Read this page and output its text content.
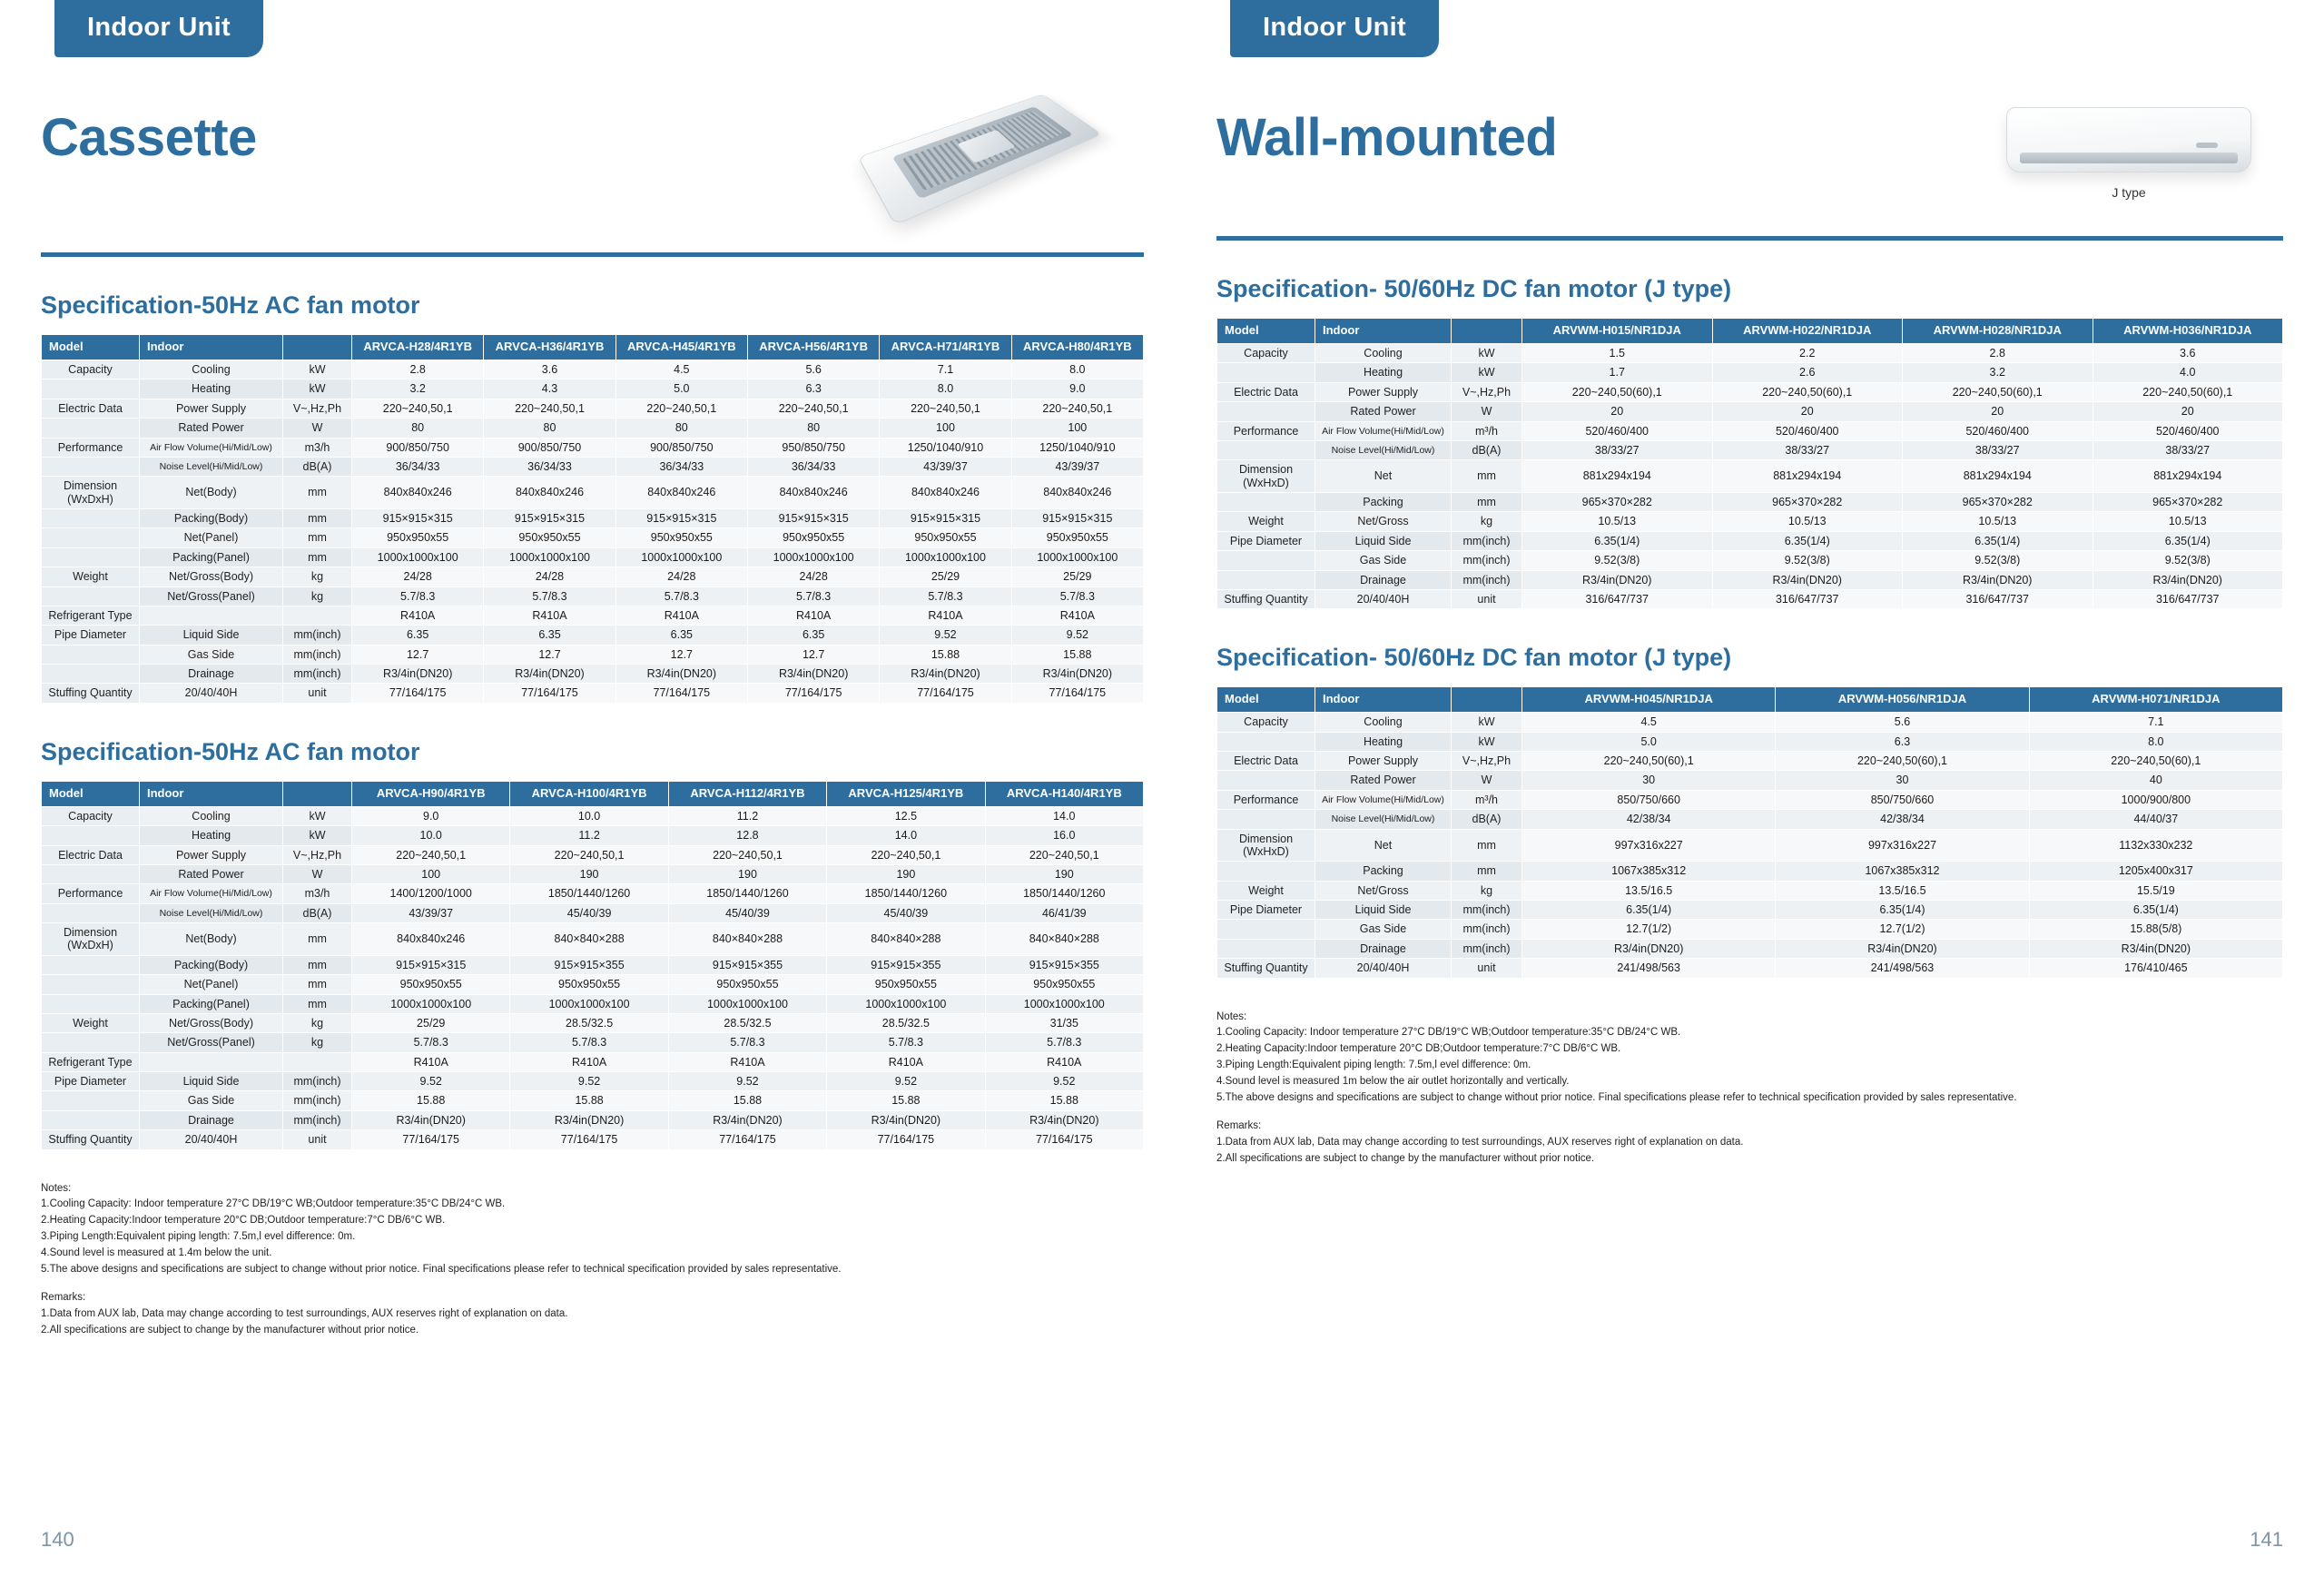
Indoor Unit
Cassette
Specification-50Hz AC fan motor
Model	Indoor		ARVCA-H28/4R1YB	ARVCA-H36/4R1YB	ARVCA-H45/4R1YB	ARVCA-H56/4R1YB	ARVCA-H71/4R1YB	ARVCA-H80/4R1YB
Capacity	Cooling	kW	2.8	3.6	4.5	5.6	7.1	8.0
	Heating	kW	3.2	4.3	5.0	6.3	8.0	9.0
Electric Data	Power Supply	V~,Hz,Ph	220~240,50,1	220~240,50,1	220~240,50,1	220~240,50,1	220~240,50,1	220~240,50,1
	Rated Power	W	80	80	80	80	100	100
Performance	Air Flow Volume(Hi/Mid/Low)	m3/h	900/850/750	900/850/750	900/850/750	950/850/750	1250/1040/910	1250/1040/910
	Noise Level(Hi/Mid/Low)	dB(A)	36/34/33	36/34/33	36/34/33	36/34/33	43/39/37	43/39/37
Dimension (WxDxH)	Net(Body)	mm	840x840x246	840x840x246	840x840x246	840x840x246	840x840x246	840x840x246
	Packing(Body)	mm	915×915×315	915×915×315	915×915×315	915×915×315	915×915×315	915×915×315
	Net(Panel)	mm	950x950x55	950x950x55	950x950x55	950x950x55	950x950x55	950x950x55
	Packing(Panel)	mm	1000x1000x100	1000x1000x100	1000x1000x100	1000x1000x100	1000x1000x100	1000x1000x100
Weight	Net/Gross(Body)	kg	24/28	24/28	24/28	24/28	25/29	25/29
	Net/Gross(Panel)	kg	5.7/8.3	5.7/8.3	5.7/8.3	5.7/8.3	5.7/8.3	5.7/8.3
Refrigerant Type			R410A	R410A	R410A	R410A	R410A	R410A
Pipe Diameter	Liquid Side	mm(inch)	6.35	6.35	6.35	6.35	9.52	9.52
	Gas Side	mm(inch)	12.7	12.7	12.7	12.7	15.88	15.88
	Drainage	mm(inch)	R3/4in(DN20)	R3/4in(DN20)	R3/4in(DN20)	R3/4in(DN20)	R3/4in(DN20)	R3/4in(DN20)
Stuffing Quantity	20/40/40H	unit	77/164/175	77/164/175	77/164/175	77/164/175	77/164/175	77/164/175
Specification-50Hz AC fan motor
Model	Indoor		ARVCA-H90/4R1YB	ARVCA-H100/4R1YB	ARVCA-H112/4R1YB	ARVCA-H125/4R1YB	ARVCA-H140/4R1YB
Capacity	Cooling	kW	9.0	10.0	11.2	12.5	14.0
	Heating	kW	10.0	11.2	12.8	14.0	16.0
Electric Data	Power Supply	V~,Hz,Ph	220~240,50,1	220~240,50,1	220~240,50,1	220~240,50,1	220~240,50,1
	Rated Power	W	100	190	190	190	190
Performance	Air Flow Volume(Hi/Mid/Low)	m3/h	1400/1200/1000	1850/1440/1260	1850/1440/1260	1850/1440/1260	1850/1440/1260
	Noise Level(Hi/Mid/Low)	dB(A)	43/39/37	45/40/39	45/40/39	45/40/39	46/41/39
Dimension (WxDxH)	Net(Body)	mm	840x840x246	840×840×288	840×840×288	840×840×288	840×840×288
	Packing(Body)	mm	915×915×315	915×915×355	915×915×355	915×915×355	915×915×355
	Net(Panel)	mm	950x950x55	950x950x55	950x950x55	950x950x55	950x950x55
	Packing(Panel)	mm	1000x1000x100	1000x1000x100	1000x1000x100	1000x1000x100	1000x1000x100
Weight	Net/Gross(Body)	kg	25/29	28.5/32.5	28.5/32.5	28.5/32.5	31/35
	Net/Gross(Panel)	kg	5.7/8.3	5.7/8.3	5.7/8.3	5.7/8.3	5.7/8.3
Refrigerant Type			R410A	R410A	R410A	R410A	R410A
Pipe Diameter	Liquid Side	mm(inch)	9.52	9.52	9.52	9.52	9.52
	Gas Side	mm(inch)	15.88	15.88	15.88	15.88	15.88
	Drainage	mm(inch)	R3/4in(DN20)	R3/4in(DN20)	R3/4in(DN20)	R3/4in(DN20)	R3/4in(DN20)
Stuffing Quantity	20/40/40H	unit	77/164/175	77/164/175	77/164/175	77/164/175	77/164/175
Notes:
1.Cooling Capacity: Indoor temperature 27°C DB/19°C WB;Outdoor temperature:35°C DB/24°C WB.
2.Heating Capacity:Indoor temperature 20°C DB;Outdoor temperature:7°C DB/6°C WB.
3.Piping Length:Equivalent piping length: 7.5m,l evel difference: 0m.
4.Sound level is measured at 1.4m below the unit.
5.The above designs and specifications are subject to change without prior notice. Final specifications please refer to technical specification provided by sales representative.
Remarks:
1.Data from AUX lab, Data may change according to test surroundings, AUX reserves right of explanation on data.
2.All specifications are subject to change by the manufacturer without prior notice.
140
Indoor Unit
Wall-mounted
J type
Specification- 50/60Hz DC fan motor (J type)
Model	Indoor		ARVWM-H015/NR1DJA	ARVWM-H022/NR1DJA	ARVWM-H028/NR1DJA	ARVWM-H036/NR1DJA
Capacity	Cooling	kW	1.5	2.2	2.8	3.6
	Heating	kW	1.7	2.6	3.2	4.0
Electric Data	Power Supply	V~,Hz,Ph	220~240,50(60),1	220~240,50(60),1	220~240,50(60),1	220~240,50(60),1
	Rated Power	W	20	20	20	20
Performance	Air Flow Volume(Hi/Mid/Low)	m³/h	520/460/400	520/460/400	520/460/400	520/460/400
	Noise Level(Hi/Mid/Low)	dB(A)	38/33/27	38/33/27	38/33/27	38/33/27
Dimension (WxHxD)	Net	mm	881x294x194	881x294x194	881x294x194	881x294x194
	Packing	mm	965×370×282	965×370×282	965×370×282	965×370×282
Weight	Net/Gross	kg	10.5/13	10.5/13	10.5/13	10.5/13
Pipe Diameter	Liquid Side	mm(inch)	6.35(1/4)	6.35(1/4)	6.35(1/4)	6.35(1/4)
	Gas Side	mm(inch)	9.52(3/8)	9.52(3/8)	9.52(3/8)	9.52(3/8)
	Drainage	mm(inch)	R3/4in(DN20)	R3/4in(DN20)	R3/4in(DN20)	R3/4in(DN20)
Stuffing Quantity	20/40/40H	unit	316/647/737	316/647/737	316/647/737	316/647/737
Specification- 50/60Hz DC fan motor (J type)
Model	Indoor		ARVWM-H045/NR1DJA	ARVWM-H056/NR1DJA	ARVWM-H071/NR1DJA
Capacity	Cooling	kW	4.5	5.6	7.1
	Heating	kW	5.0	6.3	8.0
Electric Data	Power Supply	V~,Hz,Ph	220~240,50(60),1	220~240,50(60),1	220~240,50(60),1
	Rated Power	W	30	30	40
Performance	Air Flow Volume(Hi/Mid/Low)	m³/h	850/750/660	850/750/660	1000/900/800
	Noise Level(Hi/Mid/Low)	dB(A)	42/38/34	42/38/34	44/40/37
Dimension (WxHxD)	Net	mm	997x316x227	997x316x227	1132x330x232
	Packing	mm	1067x385x312	1067x385x312	1205x400x317
Weight	Net/Gross	kg	13.5/16.5	13.5/16.5	15.5/19
Pipe Diameter	Liquid Side	mm(inch)	6.35(1/4)	6.35(1/4)	6.35(1/4)
	Gas Side	mm(inch)	12.7(1/2)	12.7(1/2)	15.88(5/8)
	Drainage	mm(inch)	R3/4in(DN20)	R3/4in(DN20)	R3/4in(DN20)
Stuffing Quantity	20/40/40H	unit	241/498/563	241/498/563	176/410/465
Notes:
1.Cooling Capacity: Indoor temperature 27°C DB/19°C WB;Outdoor temperature:35°C DB/24°C WB.
2.Heating Capacity:Indoor temperature 20°C DB;Outdoor temperature:7°C DB/6°C WB.
3.Piping Length:Equivalent piping length: 7.5m,l evel difference: 0m.
4.Sound level is measured 1m below the air outlet horizontally and vertically.
5.The above designs and specifications are subject to change without prior notice. Final specifications please refer to technical specification provided by sales representative.
Remarks:
1.Data from AUX lab, Data may change according to test surroundings, AUX reserves right of explanation on data.
2.All specifications are subject to change by the manufacturer without prior notice.
141
